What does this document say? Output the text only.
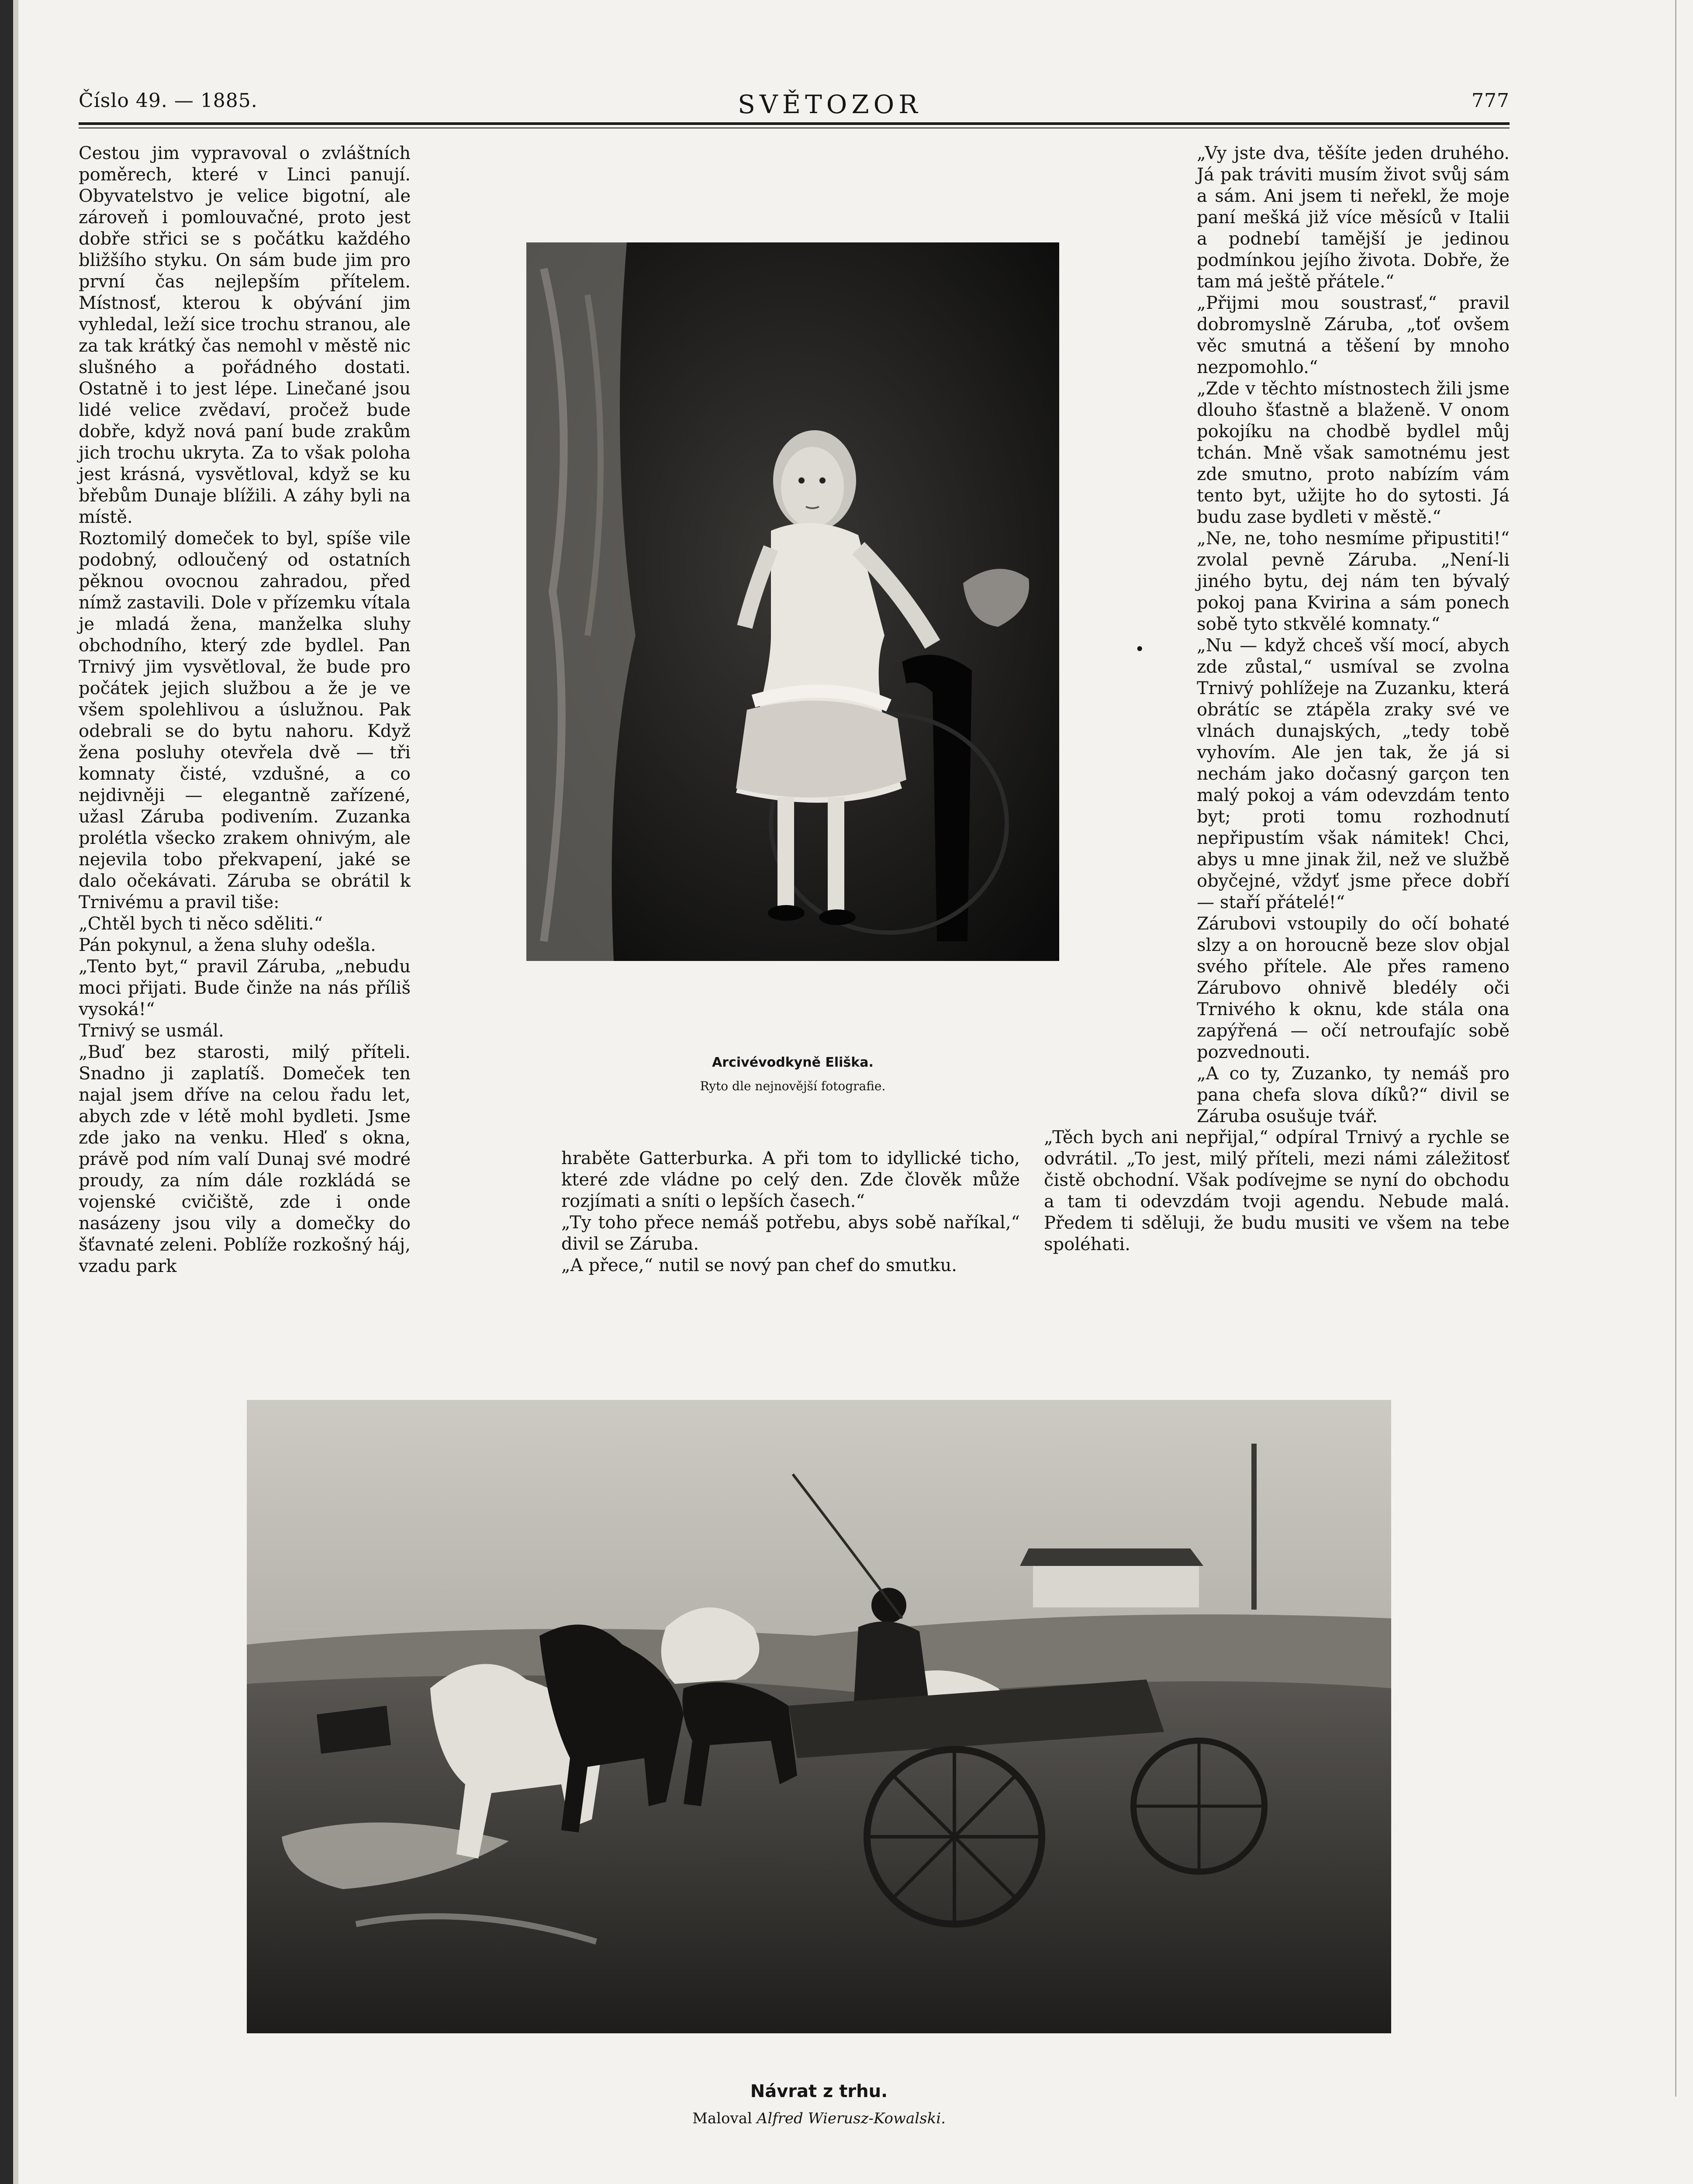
Číslo 49. — 1885.	SVĚTOZOR	777
Cestou jim vypravoval o zvláštních poměrech, které v Linci panují. Obyvatelstvo je velice bigotní, ale zároveň i pomlouvačné, proto jest dobře střici se s počátku každého bližšího styku. On sám bude jim pro první čas nejlepším přítelem. Místnosť, kterou k obývání jim vyhledal, leží sice trochu stranou, ale za tak krátký čas nemohl v městě nic slušného a pořádného dostati. Ostatně i to jest lépe. Linečané jsou lidé velice zvědaví, pročež bude dobře, když nová paní bude zrakům jich trochu ukryta. Za to však poloha jest krásná, vysvětloval, když se ku břebům Dunaje blížili. A záhy byli na místě.
Roztomilý domeček to byl, spíše vile podobný, odloučený od ostatních pěknou ovocnou zahradou, před nímž zastavili. Dole v přízemku vítala je mladá žena, manželka sluhy obchodního, který zde bydlel. Pan Trnivý jim vysvětloval, že bude pro počátek jejich službou a že je ve všem spolehlivou a úslužnou. Pak odebrali se do bytu nahoru. Když žena posluhy otevřela dvě — tři komnaty čisté, vzdušné, a co nejdivněji — elegantně zařízené, užasl Záruba podivením. Zuzanka prolétla všecko zrakem ohnivým, ale nejevila tobo překvapení, jaké se dalo očekávati. Záruba se obrátil k Trnivému a pravil tiše:
„Chtěl bych ti něco sděliti.“
Pán pokynul, a žena sluhy odešla.
„Tento byt,“ pravil Záruba, „nebudu moci přijati. Bude činže na nás příliš vysoká!“
Trnivý se usmál.
„Buď bez starosti, milý příteli. Snadno ji zaplatíš. Domeček ten najal jsem dříve na celou řadu let, abych zde v létě mohl bydleti. Jsme zde jako na venku. Hleď s okna, právě pod ním valí Dunaj své modré proudy, za ním dále rozkládá se vojenské cvičiště, zde i onde nasázeny jsou vily a domečky do šťavnaté zeleni. Poblíže rozkošný háj, vzadu park
„Vy jste dva, těšíte jeden druhého. Já pak tráviti musím život svůj sám a sám. Ani jsem ti neřekl, že moje paní mešká již více měsíců v Italii a podnebí tamější je jedinou podmínkou jejího života. Dobře, že tam má ještě přátele.“
„Přijmi mou soustrasť,“ pravil dobromyslně Záruba, „toť ovšem věc smutná a těšení by mnoho nezpomohlo.“
„Zde v těchto místnostech žili jsme dlouho šťastně a blaženě. V onom pokojíku na chodbě bydlel můj tchán. Mně však samotnému jest zde smutno, proto nabízím vám tento byt, užijte ho do sytosti. Já budu zase bydleti v městě.“
„Ne, ne, toho nesmíme připustiti!“ zvolal pevně Záruba. „Není-li jiného bytu, dej nám ten bývalý pokoj pana Kvirina a sám ponech sobě tyto stkvělé komnaty.“
„Nu — když chceš vší mocí, abych zde zůstal,“ usmíval se zvolna Trnivý pohlížeje na Zuzanku, která obrátíc se ztápěla zraky své ve vlnách dunajských, „tedy tobě vyhovím. Ale jen tak, že já si nechám jako dočasný garçon ten malý pokoj a vám odevzdám tento byt; proti tomu rozhodnutí nepřipustím však námitek! Chci, abys u mne jinak žil, než ve službě obyčejné, vždyť jsme přece dobří — staří přátelé!“
Zárubovi vstoupily do očí bohaté slzy a on horoucně beze slov objal svého přítele. Ale přes rameno Zárubovo ohnivě bledély oči Trnivého k oknu, kde stála ona zapýřená — očí netroufajíc sobě pozvednouti.
„A co ty, Zuzanko, ty nemáš pro pana chefa slova díků?“ divil se Záruba osušuje tvář.
hraběte Gatterburka. A při tom to idyllické ticho, které zde vládne po celý den. Zde člověk může rozjímati a sníti o lepších časech.“
„Ty toho přece nemáš potřebu, abys sobě naříkal,“ divil se Záruba.
„A přece,“ nutil se nový pan chef do smutku.
„Těch bych ani nepřijal,“ odpíral Trnivý a rychle se odvrátil. „To jest, milý příteli, mezi námi záležitosť čistě obchodní. Však podívejme se nyní do obchodu a tam ti odevzdám tvoji agendu. Nebude malá. Předem ti sděluji, že budu musiti ve všem na tebe spoléhati.
•
Arcivévodkyně Eliška.
Ryto dle nejnovější fotografie.
Návrat z trhu.
Maloval Alfred Wierusz-Kowalski.
